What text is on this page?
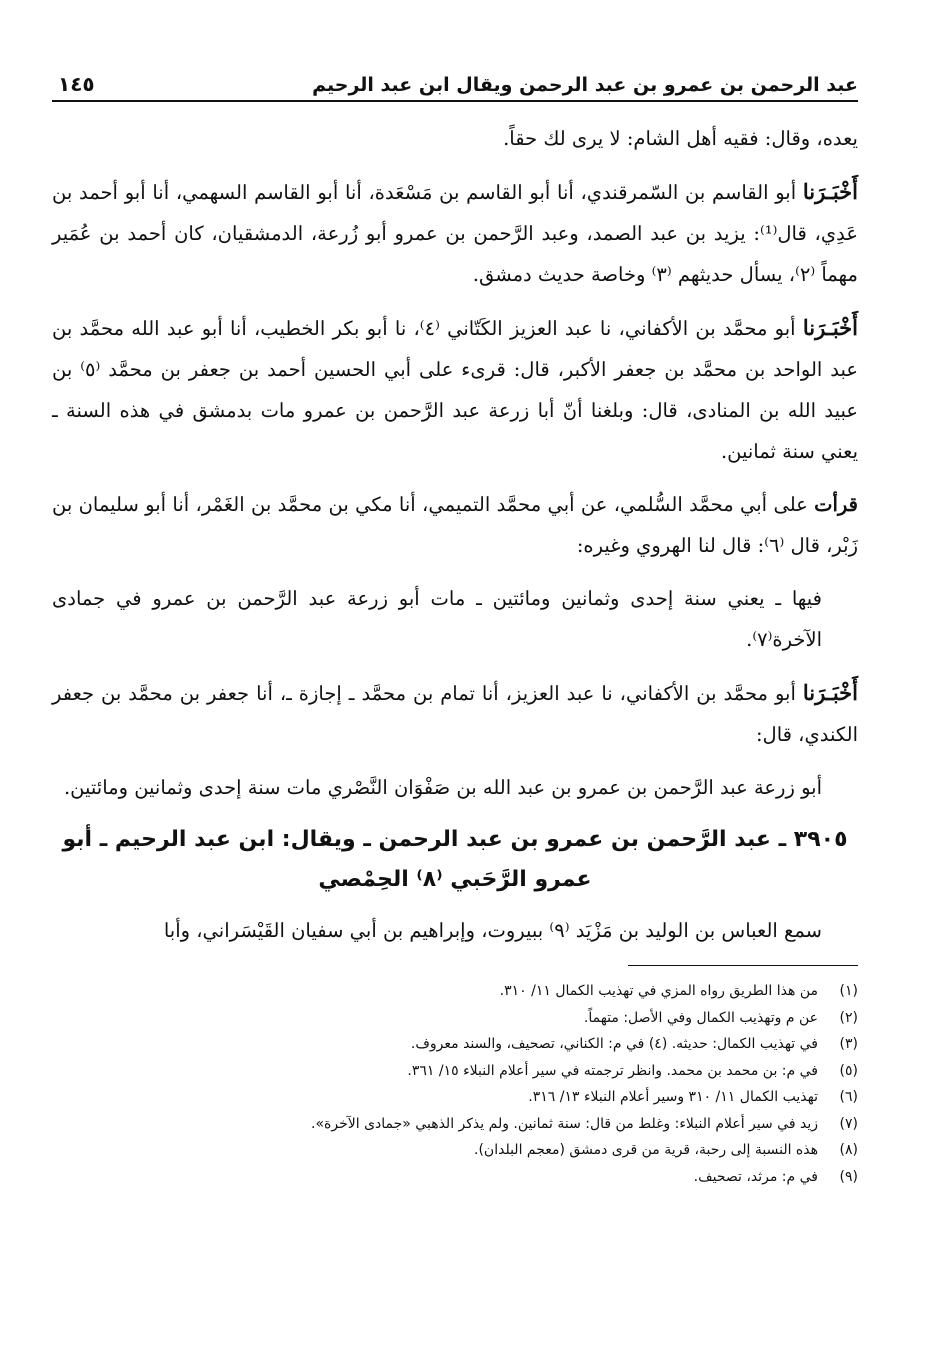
عبد الرحمن بن عمرو بن عبد الرحمن ويقال ابن عبد الرحيم
١٤٥

يعده، وقال: فقيه أهل الشام: لا يرى لك حقاً.

أَخْبَـرَنا أبو القاسم بن السّمرقندي، أنا أبو القاسم بن مَسْعَدة، أنا أبو القاسم السهمي، أنا أبو أحمد بن عَدِي، قال⁽¹⁾: يزيد بن عبد الصمد، وعبد الرَّحمن بن عمرو أبو زُرعة، الدمشقيان، كان أحمد بن عُمَير مهماً ⁽٢⁾، يسأل حديثهم ⁽٣⁾ وخاصة حديث دمشق.

أَخْبَـرَنا أبو محمَّد بن الأكفاني، نا عبد العزيز الكَتّاني ⁽٤⁾، نا أبو بكر الخطيب، أنا أبو عبد الله محمَّد بن عبد الواحد بن محمَّد بن جعفر الأكبر، قال: قرىء على أبي الحسين أحمد بن جعفر بن محمَّد ⁽٥⁾ بن عبيد الله بن المنادى، قال: وبلغنا أنّ أبا زرعة عبد الرَّحمن بن عمرو مات بدمشق في هذه السنة ـ يعني سنة ثمانين.

قرأت على أبي محمَّد السُّلمي، عن أبي محمَّد التميمي، أنا مكي بن محمَّد بن الغَمْر، أنا أبو سليمان بن زَبْر، قال ⁽٦⁾: قال لنا الهروي وغيره:

فيها ـ يعني سنة إحدى وثمانين ومائتين ـ مات أبو زرعة عبد الرَّحمن بن عمرو في جمادى الآخرة⁽٧⁾.

أَخْبَـرَنا أبو محمَّد بن الأكفاني، نا عبد العزيز، أنا تمام بن محمَّد ـ إجازة ـ، أنا جعفر بن محمَّد بن جعفر الكندي، قال:

أبو زرعة عبد الرَّحمن بن عمرو بن عبد الله بن صَفْوَان النَّصْري مات سنة إحدى وثمانين ومائتين.

٣٩٠٥ ـ عبد الرَّحمن بن عمرو بن عبد الرحمن ـ ويقال: ابن عبد الرحيم ـ أبو عمرو الرَّحَبي ⁽٨⁾ الحِمْصي

سمع العباس بن الوليد بن مَزْيَد ⁽٩⁾ ببيروت، وإبراهيم بن أبي سفيان القَيْسَراني، وأبا

(١)
من هذا الطريق رواه المزي في تهذيب الكمال ١١/ ٣١٠.
(٢)
عن م وتهذيب الكمال وفي الأصل: متهماً.
(٣)
في تهذيب الكمال: حديثه. (٤) في م: الكناني، تصحيف، والسند معروف.
(٥)
في م: بن محمد بن محمد. وانظر ترجمته في سير أعلام النبلاء ١٥/ ٣٦١.
(٦)
تهذيب الكمال ١١/ ٣١٠ وسير أعلام النبلاء ١٣/ ٣١٦.
(٧)
زيد في سير أعلام النبلاء: وغلط من قال: سنة ثمانين. ولم يذكر الذهبي «جمادى الآخرة».
(٨)
هذه النسبة إلى رحبة، قرية من قرى دمشق (معجم البلدان).
(٩)
في م: مرثد، تصحيف.
